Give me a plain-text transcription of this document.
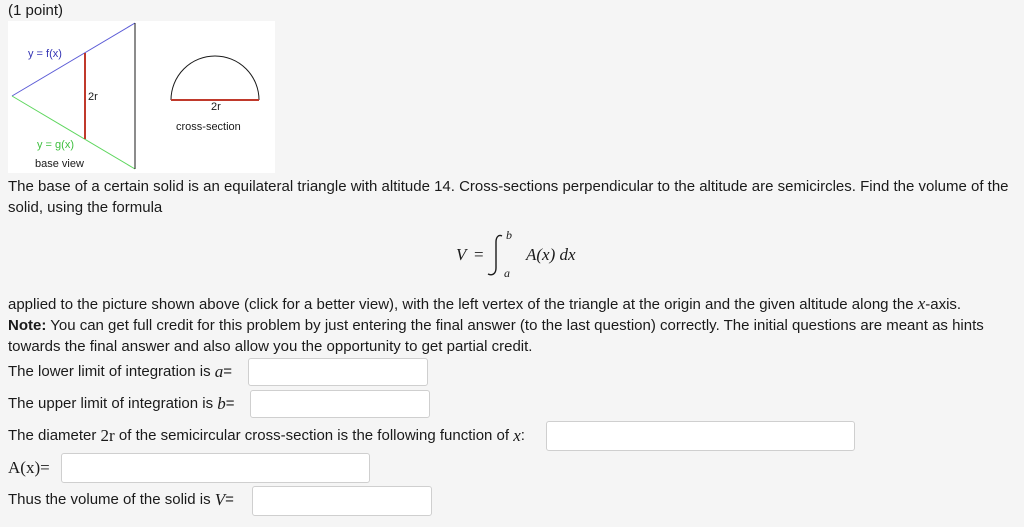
(1 point)
y = f(x)
2r
y = g(x)
base view
2r
cross-section
The base of a certain solid is an equilateral triangle with altitude 14. Cross-sections perpendicular to the altitude are semicircles. Find the volume of the solid, using the formula
V =
b
a
A(x) dx
applied to the picture shown above (click for a better view), with the left vertex of the triangle at the origin and the given altitude along the x-axis.
Note: You can get full credit for this problem by just entering the final answer (to the last question) correctly. The initial questions are meant as hints towards the final answer and also allow you the opportunity to get partial credit.
The lower limit of integration is
a =
The upper limit of integration is
b =
The diameter
2r
of the semicircular cross-section is the following function of
x :
A(x)=
Thus the volume of the solid is
V =
